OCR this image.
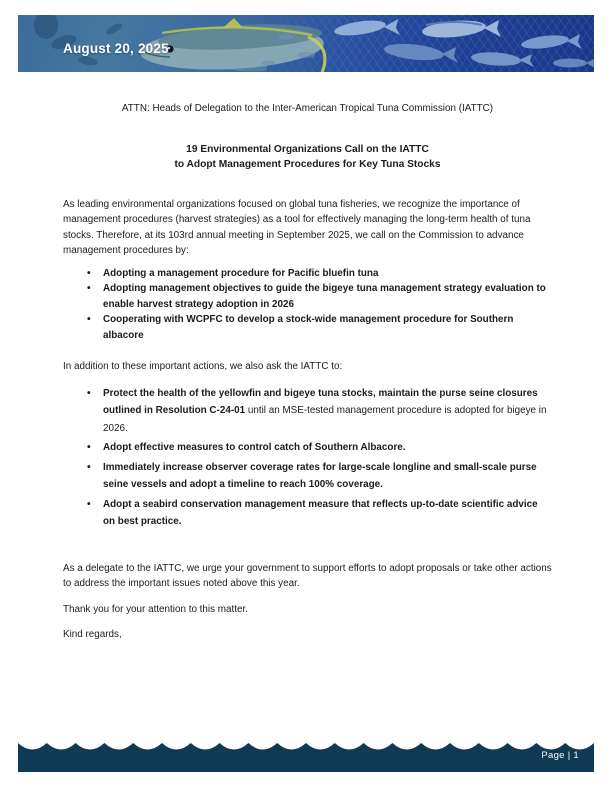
August 20, 2025
ATTN: Heads of Delegation to the Inter-American Tropical Tuna Commission (IATTC)
19 Environmental Organizations Call on the IATTC
to Adopt Management Procedures for Key Tuna Stocks

As leading environmental organizations focused on global tuna fisheries, we recognize the importance of management procedures (harvest strategies) as a tool for effectively managing the long-term health of tuna stocks. Therefore, at its 103rd annual meeting in September 2025, we call on the Commission to advance management procedures by:

• Adopting a management procedure for Pacific bluefin tuna
• Adopting management objectives to guide the bigeye tuna management strategy evaluation to enable harvest strategy adoption in 2026
• Cooperating with WCPFC to develop a stock-wide management procedure for Southern albacore

In addition to these important actions, we also ask the IATTC to:

• Protect the health of the yellowfin and bigeye tuna stocks, maintain the purse seine closures outlined in Resolution C-24-01 until an MSE-tested management procedure is adopted for bigeye in 2026.
• Adopt effective measures to control catch of Southern Albacore.
• Immediately increase observer coverage rates for large-scale longline and small-scale purse seine vessels and adopt a timeline to reach 100% coverage.
• Adopt a seabird conservation management measure that reflects up-to-date scientific advice on best practice.

As a delegate to the IATTC, we urge your government to support efforts to adopt proposals or take other actions to address the important issues noted above this year.

Thank you for your attention to this matter.

Kind regards,

Page | 1
